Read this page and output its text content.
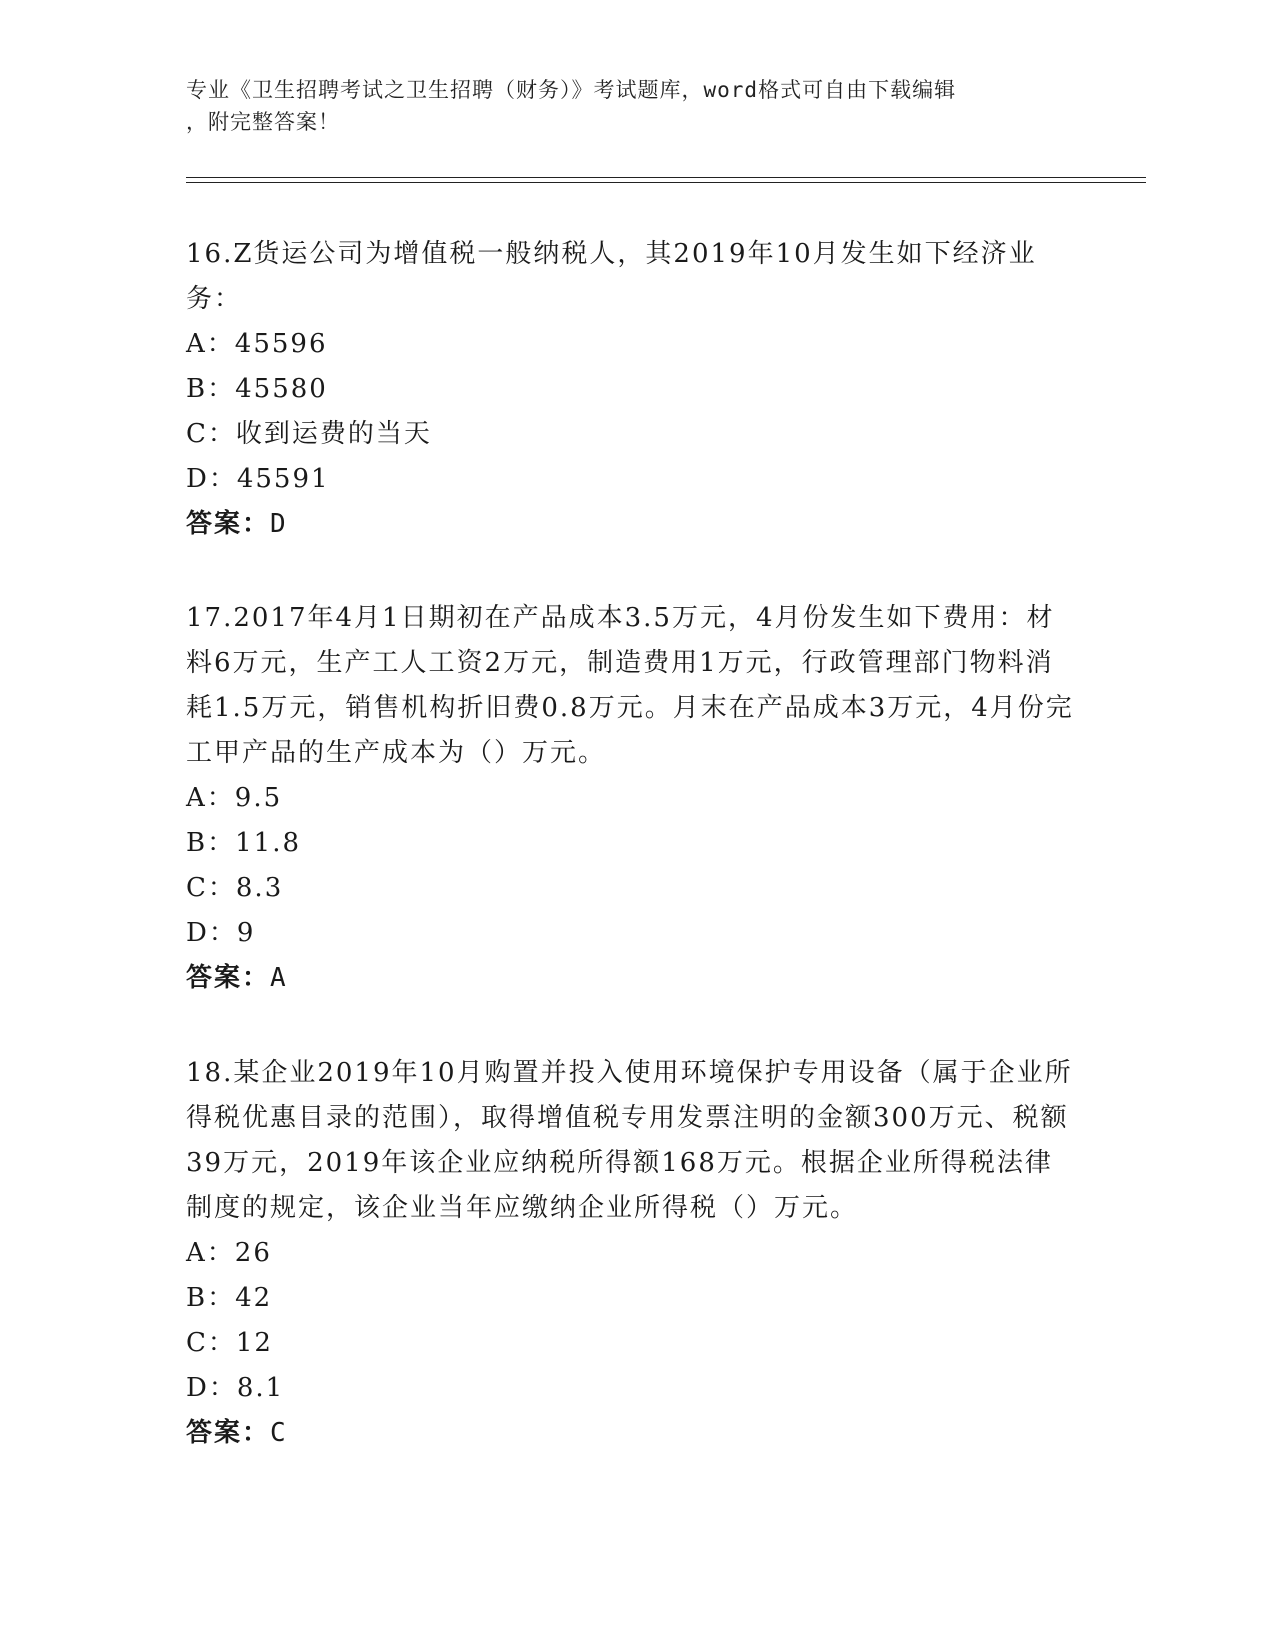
专业《卫生招聘考试之卫生招聘（财务）》考试题库，word格式可自由下载编辑
，附完整答案！

16.Z货运公司为增值税一般纳税人，其2019年10月发生如下经济业务：

A：45596

B：45580

C：收到运费的当天

D：45591

答案：D

17.2017年4月1日期初在产品成本3.5万元，4月份发生如下费用：材料6万元，生产工人工资2万元，制造费用1万元，行政管理部门物料消耗1.5万元，销售机构折旧费0.8万元。月末在产品成本3万元，4月份完工甲产品的生产成本为（）万元。

A：9.5

B：11.8

C：8.3

D：9

答案：A

18.某企业2019年10月购置并投入使用环境保护专用设备（属于企业所得税优惠目录的范围），取得增值税专用发票注明的金额300万元、税额39万元，2019年该企业应纳税所得额168万元。根据企业所得税法律制度的规定，该企业当年应缴纳企业所得税（）万元。

A：26

B：42

C：12

D：8.1

答案：C
